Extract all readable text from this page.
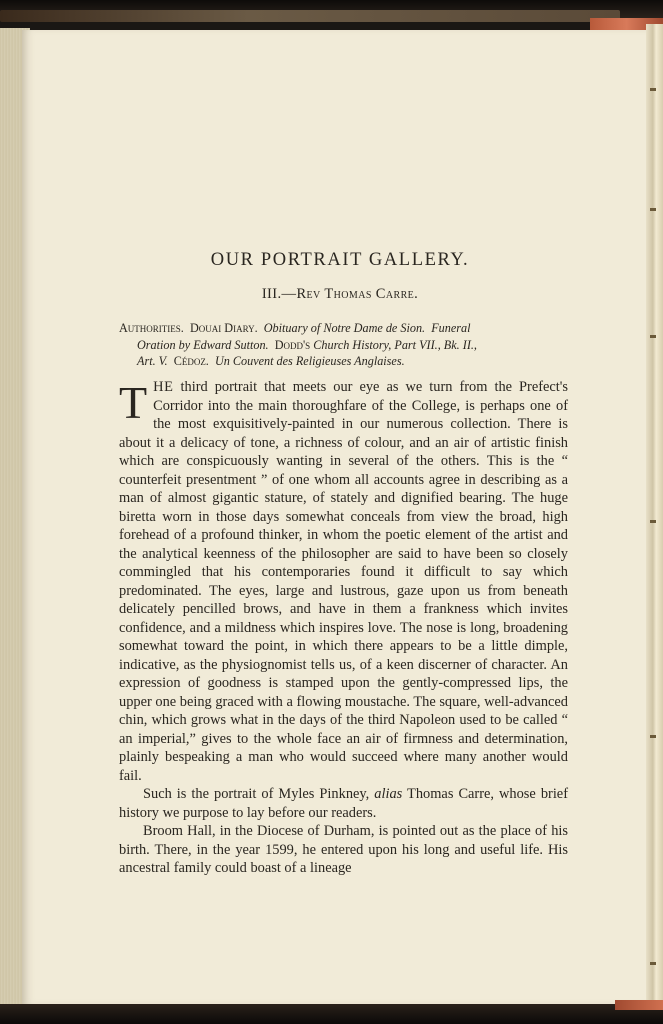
OUR PORTRAIT GALLERY.
III.—Rev Thomas Carre.
Authorities. Douai Diary. Obituary of Notre Dame de Sion. Funeral
Oration by Edward Sutton. Dodd's Church History, Part VII., Bk. II.,
Art. V. Cédoz. Un Couvent des Religieuses Anglaises.

THE third portrait that meets our eye as we turn from the Prefect's Corridor into the main thoroughfare of the College, is perhaps one of the most exquisitively-painted in our numerous collection. There is about it a delicacy of tone, a richness of colour, and an air of artistic finish which are conspicuously wanting in several of the others. This is the “ counterfeit presentment ” of one whom all accounts agree in describing as a man of almost gigantic stature, of stately and dignified bearing. The huge biretta worn in those days somewhat conceals from view the broad, high forehead of a profound thinker, in whom the poetic element of the artist and the analytical keenness of the philosopher are said to have been so closely commingled that his contemporaries found it difficult to say which predominated. The eyes, large and lustrous, gaze upon us from beneath delicately pencilled brows, and have in them a frankness which invites confidence, and a mildness which inspires love. The nose is long, broadening somewhat toward the point, in which there appears to be a little dimple, indicative, as the physiognomist tells us, of a keen discerner of character. An expression of goodness is stamped upon the gently-compressed lips, the upper one being graced with a flowing moustache. The square, well-advanced chin, which grows what in the days of the third Napoleon used to be called “ an imperial,” gives to the whole face an air of firmness and determination, plainly bespeaking a man who would succeed where many another would fail.

Such is the portrait of Myles Pinkney, alias Thomas Carre, whose brief history we purpose to lay before our readers.

Broom Hall, in the Diocese of Durham, is pointed out as the place of his birth. There, in the year 1599, he entered upon his long and useful life. His ancestral family could boast of a lineage
